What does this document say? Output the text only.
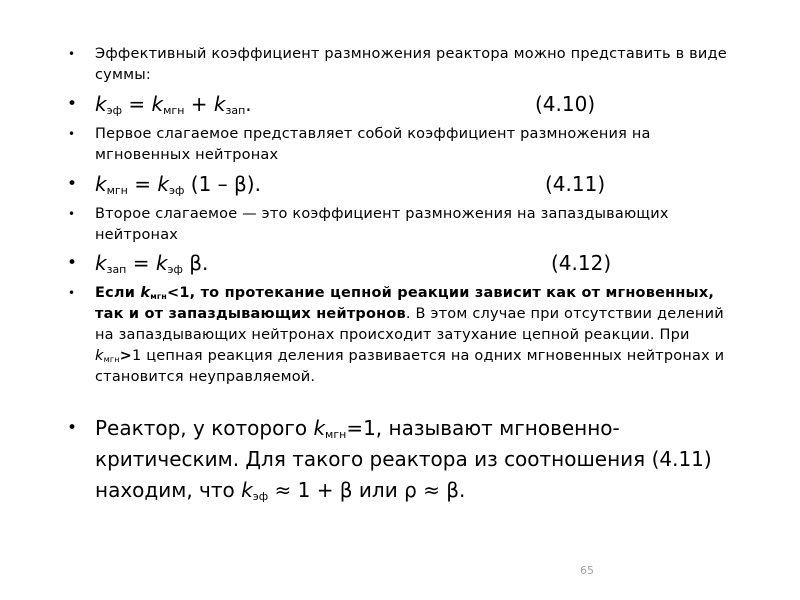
• Эффективный коэффициент размножения реактора можно представить в виде суммы:
• $k_{эф} = k_{мгн} + k_{зап}$.	(4.10)
• Первое слагаемое представляет собой коэффициент размножения на мгновенных нейтронах
• $k_{мгн} = k_{эф}$ (1 – β).	(4.11)
• Второе слагаемое — это коэффициент размножения на запаздывающих нейтронах
• $k_{зап} = k_{эф}$ β.	(4.12)
• Если $k_{мгн}<1$, то протекание цепной реакции зависит как от мгновенных, так и от запаздывающих нейтронов. В этом случае при отсутствии делений на запаздывающих нейтронах происходит затухание цепной реакции. При $k_{мгн}>1$ цепная реакция деления развивается на одних мгновенных нейтронах и становится неуправляемой.
• Реактор, у которого $k_{мгн}=1$, называют мгновенно-критическим. Для такого реактора из соотношения (4.11) находим, что $k_{эф} \approx 1 + \beta$ или ρ ≈ β.
65
